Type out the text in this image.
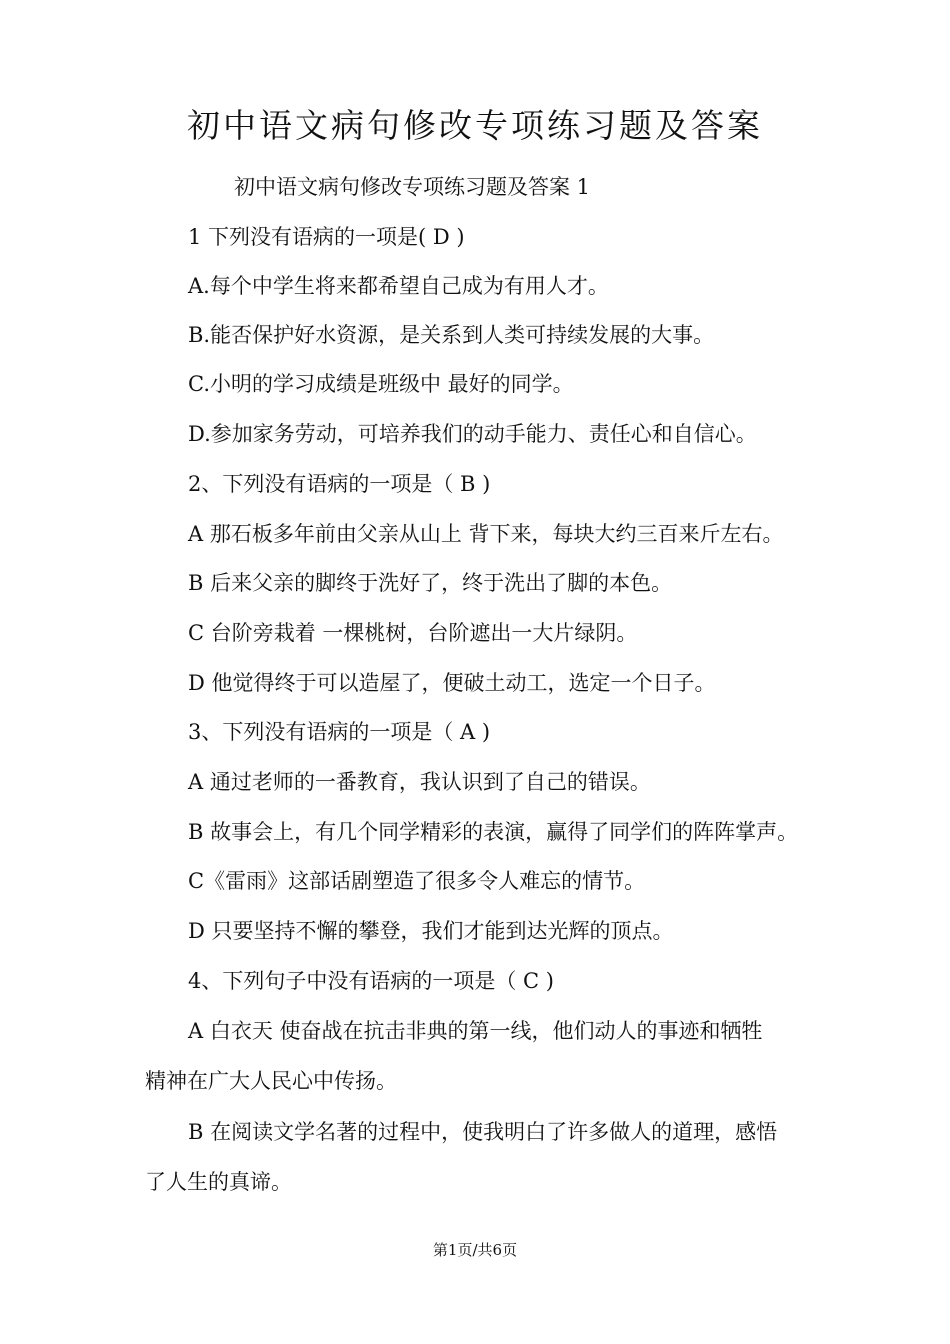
初中语文病句修改专项练习题及答案
初中语文病句修改专项练习题及答案 1
1 下列没有语病的一项是( D )
A.每个中学生将来都希望自己成为有用人才。
B.能否保护好水资源，是关系到人类可持续发展的大事。
C.小明的学习成绩是班级中 最好的同学。
D.参加家务劳动，可培养我们的动手能力、责任心和自信心。
2、下列没有语病的一项是（ B )
A 那石板多年前由父亲从山上 背下来，每块大约三百来斤左右。
B 后来父亲的脚终于洗好了，终于洗出了脚的本色。
C 台阶旁栽着 一棵桃树，台阶遮出一大片绿阴。
D 他觉得终于可以造屋了，便破土动工，选定一个日子。
3、下列没有语病的一项是（ A )
A 通过老师的一番教育，我认识到了自己的错误。
B 故事会上，有几个同学精彩的表演，赢得了同学们的阵阵掌声。
C《雷雨》这部话剧塑造了很多令人难忘的情节。
D 只要坚持不懈的攀登，我们才能到达光辉的顶点。
4、下列句子中没有语病的一项是（ C )
A 白衣天 使奋战在抗击非典的第一线，他们动人的事迹和牺牲
精神在广大人民心中传扬。
B 在阅读文学名著的过程中，使我明白了许多做人的道理，感悟
了人生的真谛。
第1页/共6页
